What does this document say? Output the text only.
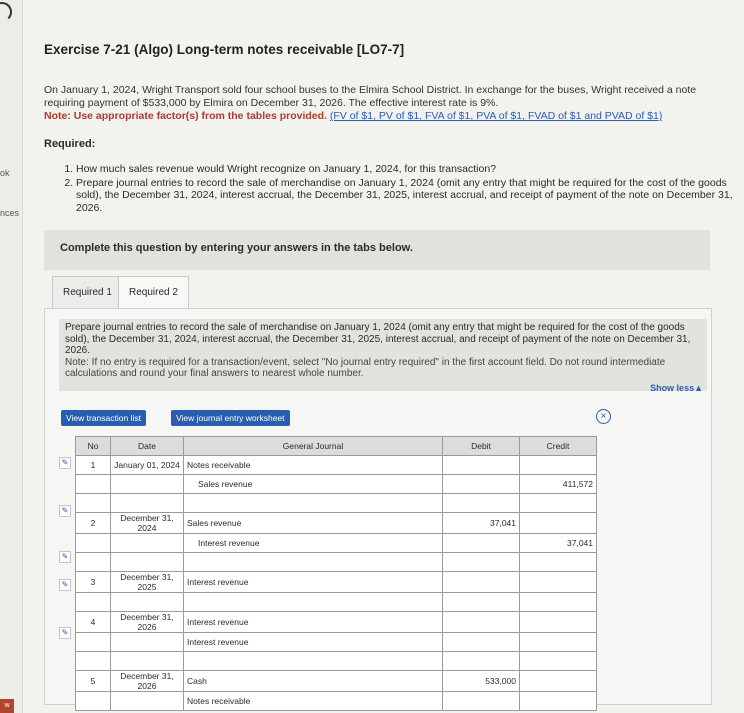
ok
nces
w
Exercise 7-21 (Algo) Long-term notes receivable [LO7-7]
On January 1, 2024, Wright Transport sold four school buses to the Elmira School District. In exchange for the buses, Wright received a note requiring payment of $533,000 by Elmira on December 31, 2026. The effective interest rate is 9%.
Note: Use appropriate factor(s) from the tables provided. (FV of $1, PV of $1, FVA of $1, PVA of $1, FVAD of $1 and PVAD of $1)
Required:
1. How much sales revenue would Wright recognize on January 1, 2024, for this transaction?
2. Prepare journal entries to record the sale of merchandise on January 1, 2024 (omit any entry that might be required for the cost of the goods sold), the December 31, 2024, interest accrual, the December 31, 2025, interest accrual, and receipt of payment of the note on December 31, 2026.
Complete this question by entering your answers in the tabs below.
Required 1	Required 2
Prepare journal entries to record the sale of merchandise on January 1, 2024 (omit any entry that might be required for the cost of the goods sold), the December 31, 2024, interest accrual, the December 31, 2025, interest accrual, and receipt of payment of the note on December 31, 2026.
Note: If no entry is required for a transaction/event, select "No journal entry required" in the first account field. Do not round intermediate calculations and round your final answers to nearest whole number.
Show less▲
View transaction list	View journal entry worksheet	×
✎
✎
✎
✎
✎
No	Date	General Journal	Debit	Credit
1	January 01, 2024	Notes receivable		
		Sales revenue		411,572

2	December 31, 2024	Sales revenue	37,041	
		Interest revenue		37,041

3	December 31, 2025	Interest revenue		

4	December 31, 2026	Interest revenue		
		Interest revenue		

5	December 31, 2026	Cash	533,000	
		Notes receivable		
